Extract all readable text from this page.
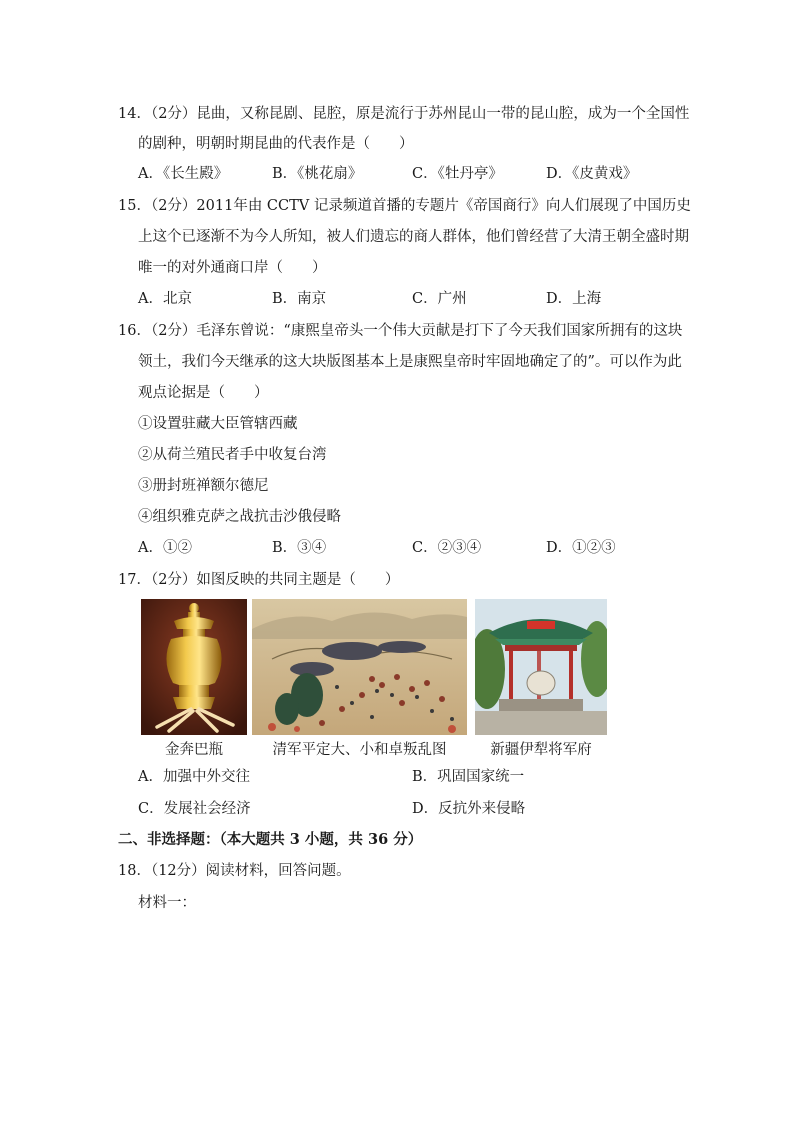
14．（2分）昆曲，又称昆剧、昆腔，原是流行于苏州昆山一带的昆山腔，成为一个全国性
的剧种，明朝时期昆曲的代表作是（　　）
A．《长生殿》	B．《桃花扇》	C．《牡丹亭》	D．《皮黄戏》
15．（2分）2011年由 CCTV 记录频道首播的专题片《帝国商行》向人们展现了中国历史
上这个已逐渐不为今人所知，被人们遗忘的商人群体，他们曾经营了大清王朝全盛时期
唯一的对外通商口岸（　　）
A．北京	B．南京	C．广州	D．上海
16．（2分）毛泽东曾说：“康熙皇帝头一个伟大贡献是打下了今天我们国家所拥有的这块
领土，我们今天继承的这大块版图基本上是康熙皇帝时牢固地确定了的”。可以作为此
观点论据是（　　）
①设置驻藏大臣管辖西藏
②从荷兰殖民者手中收复台湾
③册封班禅额尔德尼
④组织雅克萨之战抗击沙俄侵略
A．①②	B．③④	C．②③④	D．①②③
17．（2分）如图反映的共同主题是（　　）
金奔巴瓶	清军平定大、小和卓叛乱图	新疆伊犁将军府
A．加强中外交往	B．巩固国家统一
C．发展社会经济	D．反抗外来侵略
二、非选择题：（本大题共 3 小题，共 36 分）
18．（12分）阅读材料，回答问题。
材料一：
